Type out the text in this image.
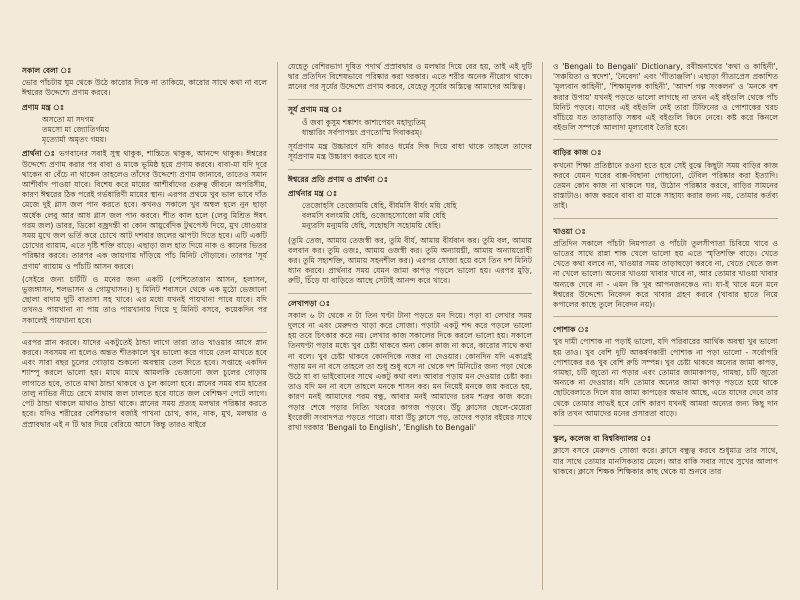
সকাল বেলা ঃ
ভোর পাঁচটায় ঘুম থেকে উঠে কারোর দিকে না তাকিয়ে, কারোর সাথে কথা না বলে ঈশ্বরের উদ্দেশ্যে প্রণাম করবে।
প্রণাম মন্ত্র ঃ
অসতো মা সদগম
তমসো মা জ্যোতির্গময়
মৃত্যোর্মা অমৃতং গময়।
প্রার্থনা ঃ ভগবানের সবাই সুস্থ থাকুক, শান্তিতে থাকুক, আনন্দে থাকুক। ঈশ্বরের উদ্দেশ্যে প্রণাম করার পর বাবা ও মাকে ভূমিষ্ঠ হয়ে প্রণাম করবে। বাবা-মা যদি দূরে থাকেন বা বেঁচে না থাকেন তাহলেও তাঁদের উদ্দেশ্যে প্রণাম জানাবে, তাতেও সমান আশীর্বাদ পাওয়া যাবে। বিশেষ করে মায়ের আশীর্বাদের গুরুত্ব জীবনে অপরিসীম, কারণ ঈশ্বরের ঠিক পরেই গর্ভধারিণী মায়ের স্থান। এরপর প্রথমে খুব ভাল ভাবে দাঁত মেজে দুই গ্লাস জল পান করতে হবে। কখনও সকালে খুব অম্বল হলে নুন ছাড়া অর্ধেক লেবু আর আধ গ্লাস জল পান করবে। শীত কাল হলে (লেবু মিশ্রিত ঈষৎ গরম জল) ডাবর, ডিকো বজ্রদন্তী বা কোন আয়ুর্বেদিক টুথপেস্ট দিয়ে, মুখ ধোওয়ার সময় মুখে জল ভর্তি করে চোখে আট দশবার জলের ঝাপটা দিতে হবে। এটি একটি চোখের ব্যায়াম, এতে দৃষ্টি শক্তি বাড়ে। এছাড়া জল হাত দিয়ে নাক ও কানের ভিতর পরিষ্কার করবে। তারপর এক জায়গায় দাঁড়িয়ে পাঁচ মিনিট দৌড়াবে। তারপর 'সূর্য প্রণাম' ব্যায়াম ও পাঁচটি আসন করবে।
(সেইরে জন্য চার্টটি ও মনের জন্য একটি (পেশিতোত্তান আসন, হলাসন, ভুজঙ্গাসন, শলভাসন ও গোমুখাসন।) দু মিনিট শবাসনে থেকে এক মুঠো ভেজানো ছোলা বাদাম দুটি বাতাসা সহ খাবে। এর মধ্যে যখনই পায়খানা পাবে যাবে। যদি তখনও পায়খানা না পায় তাও পায়খানায় গিয়ে দু মিনিট বসবে, কয়েকদিন পর সকালেই পায়খানা হবে।
এরপর স্নান করবে। যাদের একটুতেই ঠান্ডা লাগে তারা তাও খাওয়ার আগে স্নান করবে। সবসময় না হলেও অন্তত শীতকালে খুব ভালো করে গায়ে তেল মাখতে হবে এবং সারা বছর চুলের গোড়ায় শুকনো অবস্থায় তেল দিতে হবে। সপ্তাহে একদিন শ্যাম্পু করলে ভালো হয়। মাথে মাথে আমলকি ভেজানো জল চুলের গোড়ায় লাগাতে হবে, তাতে মাথা ঠান্ডা থাকবে ও চুল কালো হবে। স্নানের সময় বাম হাতের তালু নাভির নীচে রেখে মাথায় জল ঢালতে হবে যাতে জল বেশিক্ষণ পেটে লাগে। পেট ঠান্ডা থাকলে মাথাও ঠান্ডা থাকে। স্নানের সময় প্রত্যহ মলদ্বার পরিষ্কার করতে হবে। যদিও শরীরের বেশিরভাগ বর্জ্যই পাখনা চোখ, কান, নাক, মুখ, মলদ্বার ও প্রস্রাবদ্বার এই ন টি দ্বার দিয়ে বেরিয়ে আসে কিন্তু তারও বাইরে
যেহেতু বেশিরভাগ দূষিত পদার্থ প্রস্রাবদ্বার ও মলদ্বার দিয়ে বের হয়, তাই এই দুটি দ্বার প্রতিদিন বিশেষভাবে পরিষ্কার করা দরকার। এতে শরীর অনেক নীরোগ থাকে। স্নানের পর সূর্যের উদ্দেশ্যে প্রণাম করবে, যেহেতু সূর্যের অস্তিত্বে আমাদের অস্তিত্ব।
সূর্য প্রণাম মন্ত্র ঃ
ওঁ জবা কুসুম শঙ্কাশং কাশ্যপেয়ং মহাদ্যুতিম্
ধান্তারিং সর্বপাপঘ্নং প্রণতোস্মি দিবাকরম্।
সূর্যপ্রণাম মন্ত্র উচ্চারণে যদি কারও ধর্মের দিক দিয়ে বাধা থাকে তাহলে তাদের সূর্যপ্রণাম মন্ত্র উচ্চারণ করতে হবে না।
ঈশ্বরের প্রতি প্রণাম ও প্রার্থনা ঃ
প্রার্থনার মন্ত্র ঃ
তেজোহসি তেজোময়ি ধেহি, বীর্যমসি বীর্যং ময়ি ধেহি
বলমসি বলংময়ি ধেহি, ওজোহস্যোজো ময়ি ধেহি
মন্যুরসি মন্যুময়ি ধেহি, সহোহসি সহোময়ি ধেহি।
(তুমি তেজ, আমায় তেজস্বী কর, তুমি বীর্য, আমায় বীর্যবান কর। তুমি বল, আমায় বলবান কর। তুমি ওজঃ, আমায় ওজস্বী কর। তুমি অন্যায়ঘ্নী, আমায় অন্যায়রোধী কর। তুমি সহ্যশক্তি, আমায় সহনশীল কর।) এরপর সোজা হয়ে বসে তিন দশ মিনিট ধ্যান করবে। প্রার্থনার সময় যেমন জামা কাপড় পড়লে ভালো হয়। এরপর মুড়ি, রুটি, চিঁড়ে যা বাড়িতে আছে সেটাই আনন্দ করে খাবে।
লেখাপড়া ঃ
সকাল ৬ টা থেকে ন টা তিন ঘণ্টা টানা পড়তে মন দিয়ে। পড়া বা লেখার সময় দুলবে না এবং মেরুদণ্ড খাড়া করে সোজা। পড়াটা একটু শব্দ করে পড়লে ভালো হয় তবে চিৎকার করে নয়। লেখার কাজ সকালের দিকে করলে ভালো হয়। সকালে তিনঘণ্টা পড়ার মধ্যে খুব চেষ্টা থাকবে অন্য কোন কাজ না করে, কারোর সাথে কথা না বলে। খুব চেষ্টা থাকবে কোনদিকে নজর না দেওয়ার। কোনদিন যদি একাগ্রই পড়ায় মন না বসে তাহলে তা শুধু শুধু বসে না থেকে দশ মিনিটের জন্য পড়া থেকে উঠে যা বা ভাইবোনের সাথে একটু কথা বল। আবার পড়ায় মন দেওয়ার চেষ্টা কর। তাও যদি মন না বসে তাহলে মনকে শাসন কর। মন নিয়েই মনকে জয় করতে হয়, কারণ মনই আমাদের পরম বন্ধু, আবার মনই আমাদের চরম শত্রুর কাজ করে। পড়ার শেষে পড়ার নিত্যি খবরের কাগজ পড়বে। উঁচু ক্লাসের ছেলে-মেয়েরা ইংরেজী সংবাদপত্র পড়তে পারো। যারা উঁচু ক্লাসে পড়, তাদের পড়ার বইয়ের সাথে রাখা দরকার 'Bengali to English', 'English to Bengali'
ও 'Bengali to Bengali' Dictionary, রবীন্দ্রনাথের 'কথা ও কাহিনী', 'সঞ্চয়িতা ও স্বদেশ', 'নৈবেদ্য' এবং 'গীতাঞ্জলি'। এছাড়া গীতাপ্রেস প্রকাশিত 'মূল্যবান কাহিনী', 'শিক্ষামূলক কাহিনী', 'আদর্শ গল্প সংকলন' ও 'মনকে বশ করার উপায়' যখনই পড়তে ভালো লাগছে না তখন এই বইগুলি থেকে পাঁচ মিনিট পড়বে। যাদের এই বইগুলি নেই তারা টিফিনের ও পোশাকের খরচ বাঁচিয়ে যত তাড়াতাড়ি সম্ভব এই বইগুলি কিনে নেবে। কষ্ট করে কিনলে বইগুলি সম্পর্কে আলাদা মূল্যবোধ তৈরি হবে।
বাড়ির কাজ ঃ
কখনো শিক্ষা প্রতিষ্ঠানে রওনা হতে হবে সেই বুঝে কিছুটা সময় বাড়ির কাজ করবে যেমন ঘরের বাক্স-বিছানা গোছানো, টেবিল পরিষ্কার করা ইত্যাদি। তেমন কোন কাজ না থাকলে ঘর, উঠোন পরিষ্কার করবে, বাড়ির সামনের রাস্তাটাও। কাজ করবে বাবা বা মাকে সাহায্য করার জন্য নয়, তোমার কর্তব্য তাই।
খাওয়া ঃ
প্রতিদিন সকালে পাঁচটা নিমপাতা ও পাঁচটা তুলসীপাতা চিবিয়ে খাবে ও ভাতের সাথে রান্না শাক খেলে ভালো হয় এতে স্মৃতিশক্তি বাড়ে। খেতে খেতে কথা বলবে না, খাওয়ার সময় তাড়াহুড়ো করবে না, খেতে খেতে জল না খেলে ভালো। অন্যের খাওয়া খাবার খাবে না, আর তোমার খাওয়া খাবার অন্যকে দেবে না - এমন কি খুব আপনজনকেও না। যা-ই খাবে মনে মনে ঈশ্বরের উদ্দেশ্যে নিবেদন করে খাবার গ্রহণ করবে (খাবার হাতে নিয়ে কপালের কাছে তুলে নিবেদন নয়)।
পোশাক ঃ
খুব দামী পোশাক না পড়াই ভালো, যদি পরিবারের আর্থিক অবস্থা খুব ভালো হয় তাও। খুব বেশি দুটি আকর্ষণকারী পোশাক না পড়া ভালো - সর্বোপরি পোশাকের রঙ খুব বেশি রুচি সম্পন্ন। খুব চেষ্টা থাকবে অন্যের জামা কাপড়, গামছা, চটি জুতো না পড়ার এবং তোমার জামাকাপড়, গামছা, চটি জুতো অন্যকে না দেওয়ার। যদি তোমার অন্যের জামা কাপড় পড়তে হয়ে থাকে ছোটবেলাতে দিলে যার জামা কাপড়ের অভাব আছে, এতে যাদের দেবে তার থেকে তোমার লাভই হবে বেশি কারণ যখনই আমরা অন্যের জন্য কিছু দান করি তখন আমাদের মনের প্রসারতা বাড়ে।
স্কুল, কলেজ বা বিশ্ববিদ্যালয় ঃ
ক্লাসে বসবে মেরুদণ্ড সোজা করে। ক্লাসে বন্ধুত্ব করবে শুধুমাত্র তার সাথে, যার সাথে তোমার মানসিকতায় মেলে। আর বাকি সবার সাথে সুখের আলাপ থাকবে। ক্লাসে শিক্ষক শিক্ষিকার কাছ থেকে যা শুনবে তার
